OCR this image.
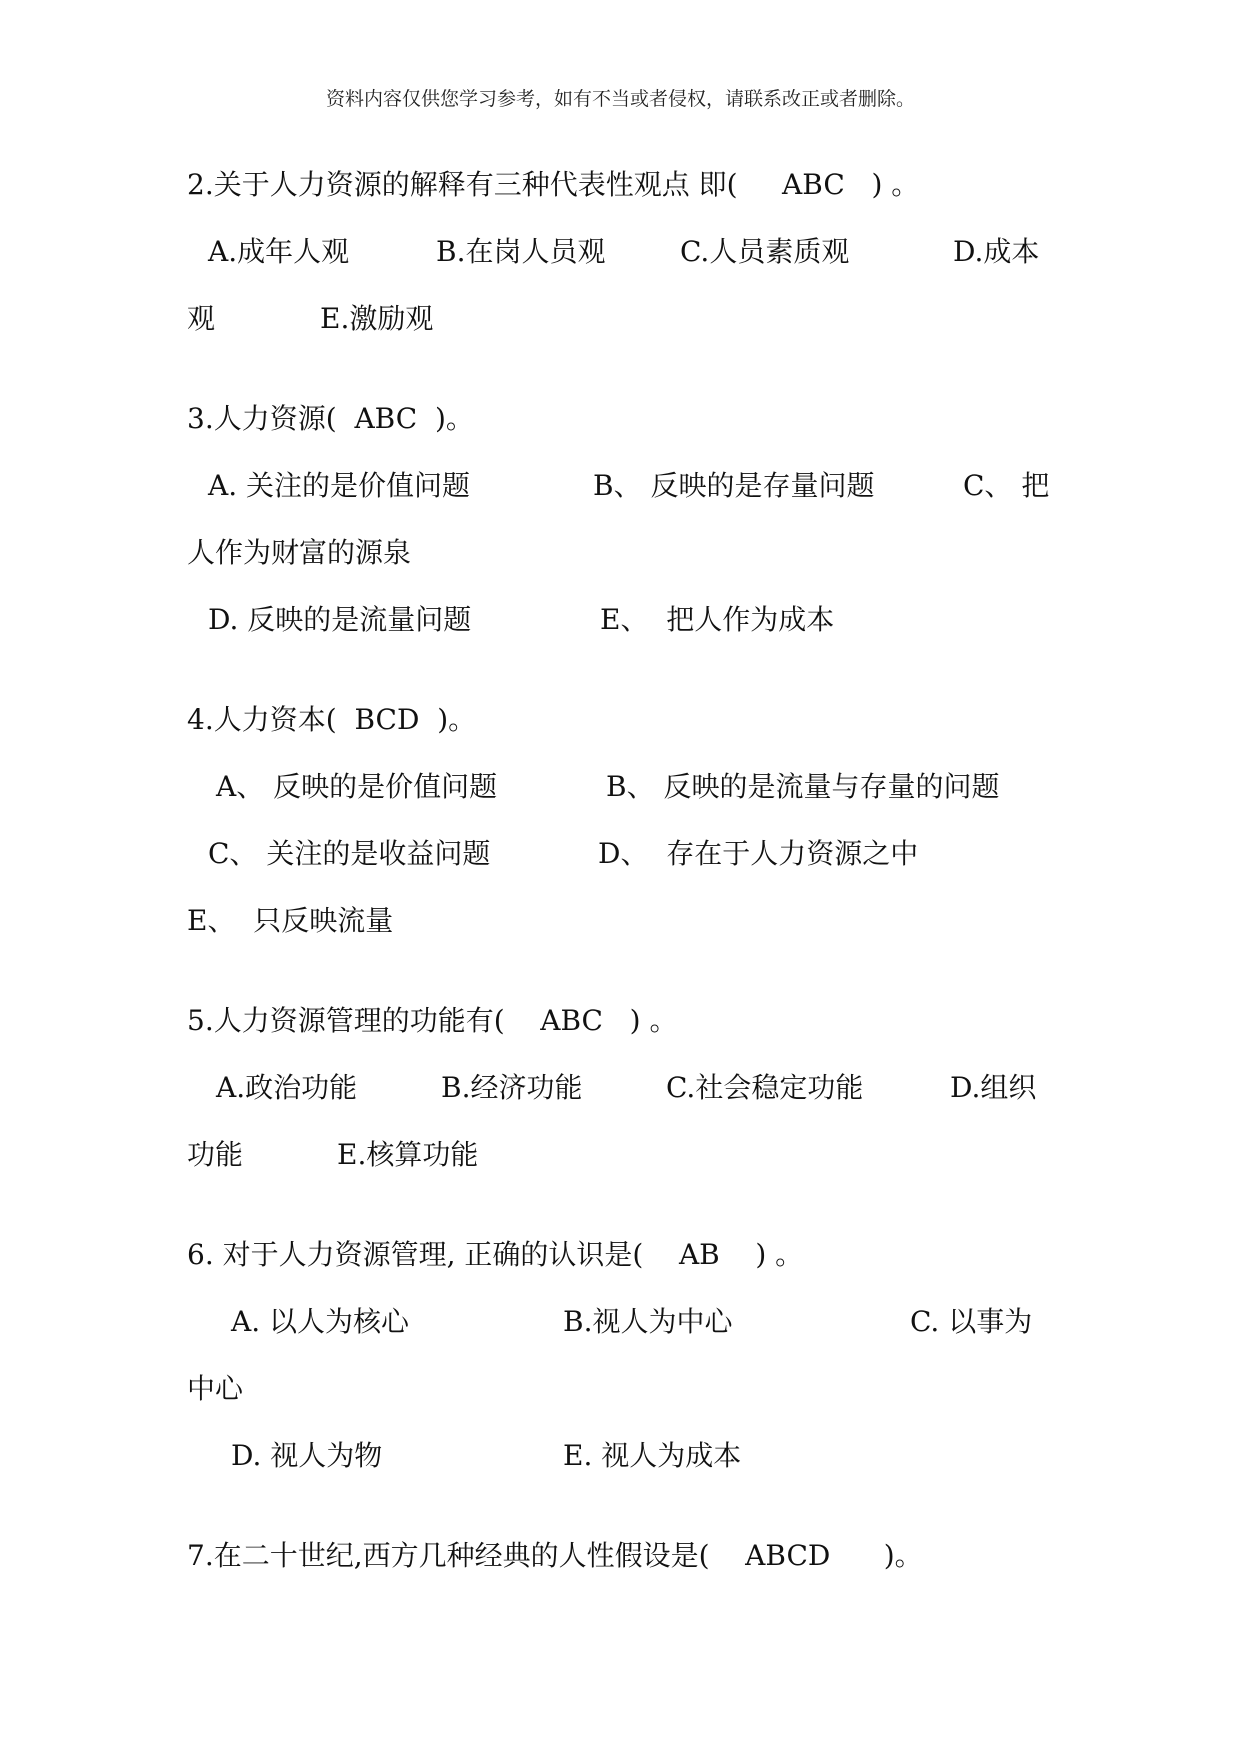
资料内容仅供您学习参考，如有不当或者侵权，请联系改正或者删除。
2.关于人力资源的解释有三种代表性观点 即(     ABC   ) 。
A.成年人观	B.在岗人员观	C.人员素质观	D.成本
观	E.激励观
3.人力资源(  ABC  )。
A. 关注的是价值问题	B、 反映的是存量问题	C、 把
人作为财富的源泉
D. 反映的是流量问题	E、  把人作为成本
4.人力资本(  BCD  )。
A、 反映的是价值问题	B、 反映的是流量与存量的问题
C、 关注的是收益问题	D、  存在于人力资源之中
E、  只反映流量
5.人力资源管理的功能有(    ABC   ) 。
A.政治功能	B.经济功能	C.社会稳定功能	D.组织
功能	E.核算功能
6. 对于人力资源管理, 正确的认识是(    AB    ) 。
A. 以人为核心	B.视人为中心	C. 以事为
中心
D. 视人为物	E. 视人为成本
7.在二十世纪,西方几种经典的人性假设是(    ABCD      )。
